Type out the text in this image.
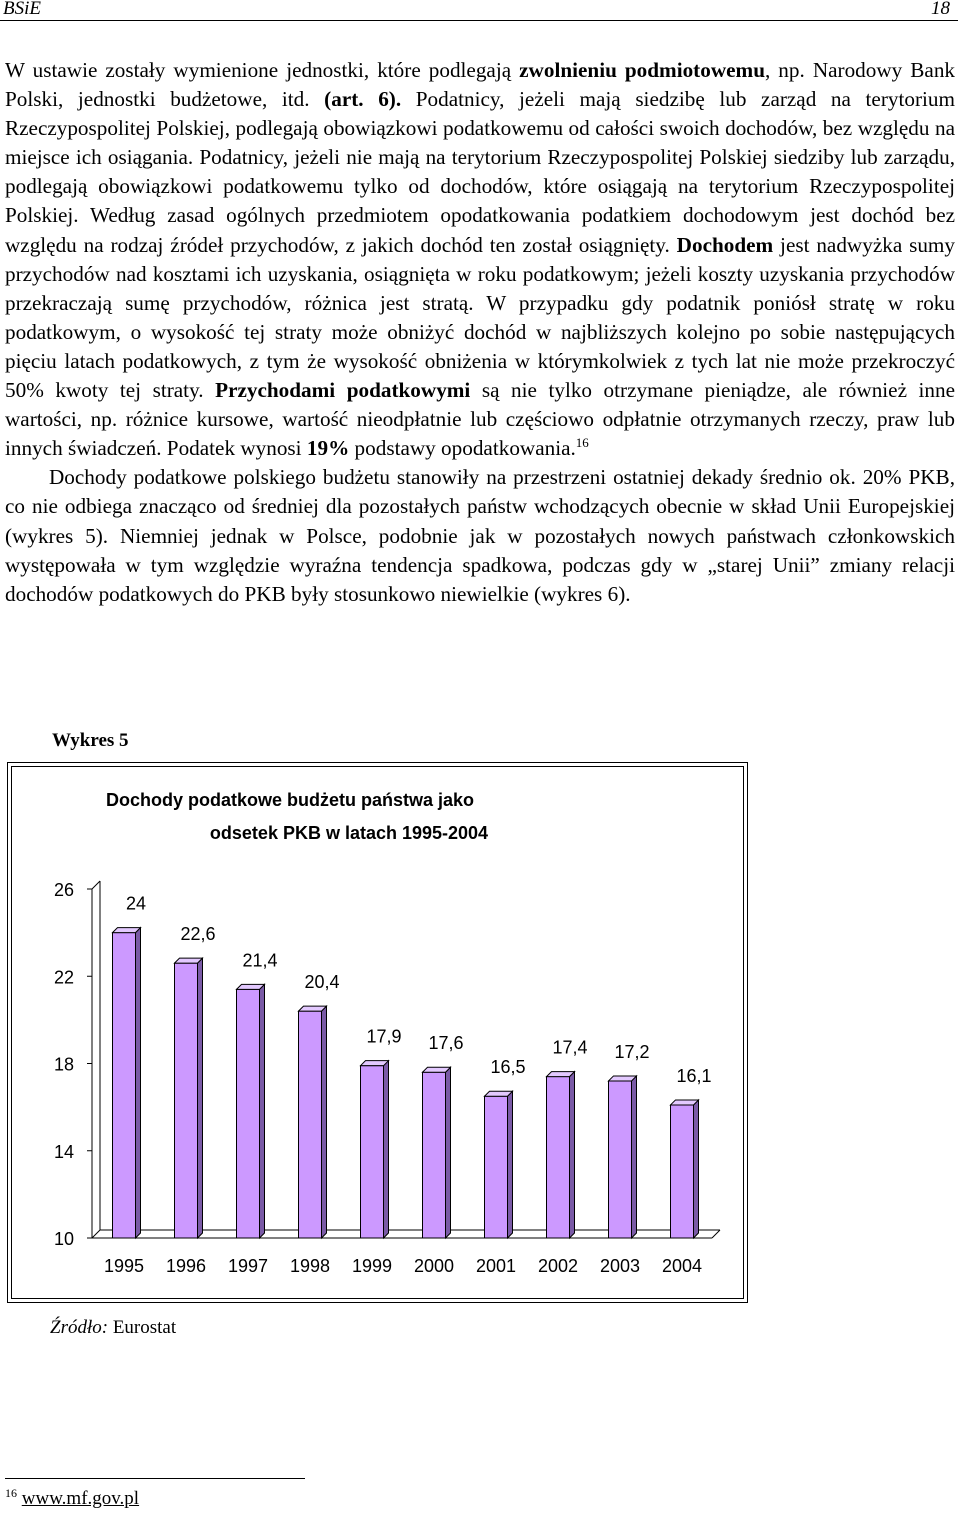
BSiE	18

W ustawie zostały wymienione jednostki, które podlegają zwolnieniu podmiotowemu, np. Narodowy Bank Polski, jednostki budżetowe, itd. (art. 6). Podatnicy, jeżeli mają siedzibę lub zarząd na terytorium Rzeczypospolitej Polskiej, podlegają obowiązkowi podatkowemu od całości swoich dochodów, bez względu na miejsce ich osiągania. Podatnicy, jeżeli nie mają na terytorium Rzeczypospolitej Polskiej siedziby lub zarządu, podlegają obowiązkowi podatkowemu tylko od dochodów, które osiągają na terytorium Rzeczypospolitej Polskiej. Według zasad ogólnych przedmiotem opodatkowania podatkiem dochodowym jest dochód bez względu na rodzaj źródeł przychodów, z jakich dochód ten został osiągnięty. Dochodem jest nadwyżka sumy przychodów nad kosztami ich uzyskania, osiągnięta w roku podatkowym; jeżeli koszty uzyskania przychodów przekraczają sumę przychodów, różnica jest stratą. W przypadku gdy podatnik poniósł stratę w roku podatkowym, o wysokość tej straty może obniżyć dochód w najbliższych kolejno po sobie następujących pięciu latach podatkowych, z tym że wysokość obniżenia w którymkolwiek z tych lat nie może przekroczyć 50% kwoty tej straty. Przychodami podatkowymi są nie tylko otrzymane pieniądze, ale również inne wartości, np. różnice kursowe, wartość nieodpłatnie lub częściowo odpłatnie otrzymanych rzeczy, praw lub innych świadczeń. Podatek wynosi 19% podstawy opodatkowania.$^{16}$

Dochody podatkowe polskiego budżetu stanowiły na przestrzeni ostatniej dekady średnio ok. 20% PKB, co nie odbiega znacząco od średniej dla pozostałych państw wchodzących obecnie w skład Unii Europejskiej (wykres 5). Niemniej jednak w Polsce, podobnie jak w pozostałych nowych państwach członkowskich występowała w tym względzie wyraźna tendencja spadkowa, podczas gdy w „starej Unii” zmiany relacji dochodów podatkowych do PKB były stosunkowo niewielkie (wykres 6).

Wykres 5
10
14
18
22
26
24
1995
22,6
1996
21,4
1997
20,4
1998
17,9
1999
17,6
2000
16,5
2001
17,4
2002
17,2
2003
16,1
2004
Dochody podatkowe budżetu państwa jako
odsetek PKB w latach 1995-2004
Źródło: Eurostat
$^{16}$ www.mf.gov.pl
